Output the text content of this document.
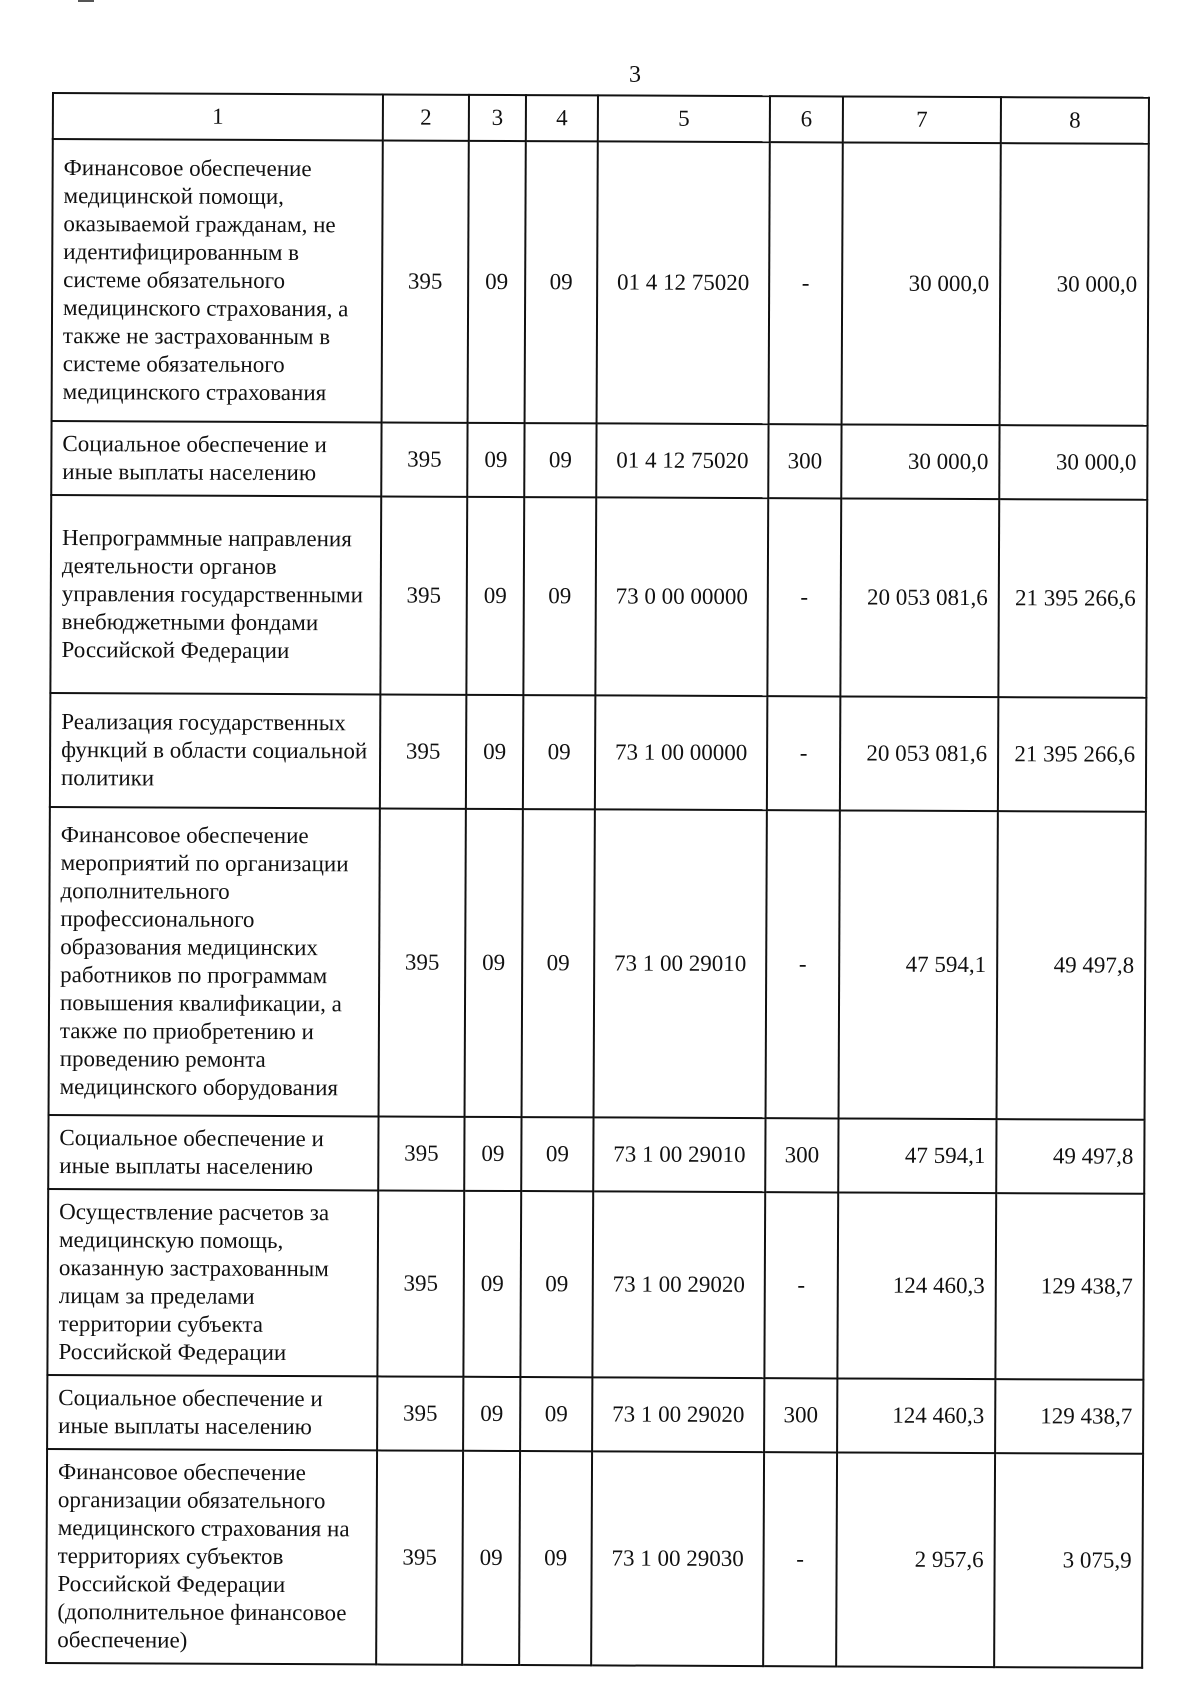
3
1	2	3	4	5	6	7	8
Финансовое обеспечение медицинской помощи, оказываемой гражданам, не идентифицированным в системе обязательного медицинского страхования, а также не застрахованным в системе обязательного медицинского страхования	395	09	09	01 4 12 75020	-	30 000,0	30 000,0
Социальное обеспечение и иные выплаты населению	395	09	09	01 4 12 75020	300	30 000,0	30 000,0
Непрограммные направления деятельности органов управления государственными внебюджетными фондами Российской Федерации	395	09	09	73 0 00 00000	-	20 053 081,6	21 395 266,6
Реализация государственных функций в области социальной политики	395	09	09	73 1 00 00000	-	20 053 081,6	21 395 266,6
Финансовое обеспечение мероприятий по организации дополнительного профессионального образования медицинских работников по программам повышения квалификации, а также по приобретению и проведению ремонта медицинского оборудования	395	09	09	73 1 00 29010	-	47 594,1	49 497,8
Социальное обеспечение и иные выплаты населению	395	09	09	73 1 00 29010	300	47 594,1	49 497,8
Осуществление расчетов за медицинскую помощь, оказанную застрахованным лицам за пределами территории субъекта Российской Федерации	395	09	09	73 1 00 29020	-	124 460,3	129 438,7
Социальное обеспечение и иные выплаты населению	395	09	09	73 1 00 29020	300	124 460,3	129 438,7
Финансовое обеспечение организации обязательного медицинского страхования на территориях субъектов Российской Федерации (дополнительное финансовое обеспечение)	395	09	09	73 1 00 29030	-	2 957,6	3 075,9
